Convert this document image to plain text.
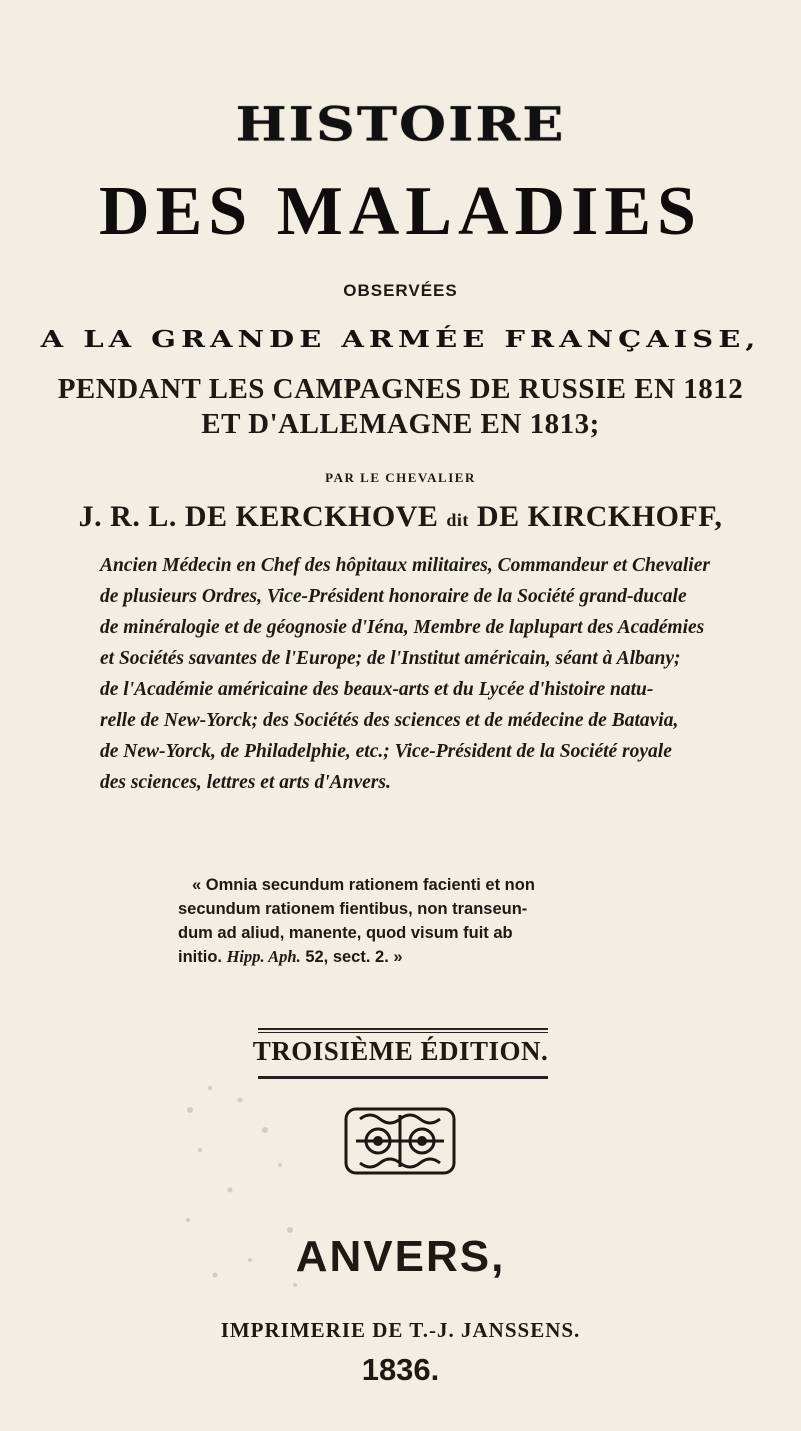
HISTOIRE
DES MALADIES
OBSERVÉES
A LA GRANDE ARMÉE FRANÇAISE,
PENDANT LES CAMPAGNES DE RUSSIE EN 1812
ET D'ALLEMAGNE EN 1813;
PAR LE CHEVALIER
J. R. L. DE KERCKHOVE dit DE KIRCKHOFF,
Ancien Médecin en Chef des hôpitaux militaires, Commandeur et Chevalier
de plusieurs Ordres, Vice-Président honoraire de la Société grand-ducale
de minéralogie et de géognosie d'Iéna, Membre de laplupart des Académies
et Sociétés savantes de l'Europe; de l'Institut américain, séant à Albany;
de l'Académie américaine des beaux-arts et du Lycée d'histoire natu-
relle de New-Yorck; des Sociétés des sciences et de médecine de Batavia,
de New-Yorck, de Philadelphie, etc.; Vice-Président de la Société royale
des sciences, lettres et arts d'Anvers.
« Omnia secundum rationem facienti et non
secundum rationem fientibus, non transeun-
dum ad aliud, manente, quod visum fuit ab
initio. Hipp. Aph. 52, sect. 2. »
TROISIÈME ÉDITION.
ANVERS,
IMPRIMERIE DE T.-J. JANSSENS.
1836.
